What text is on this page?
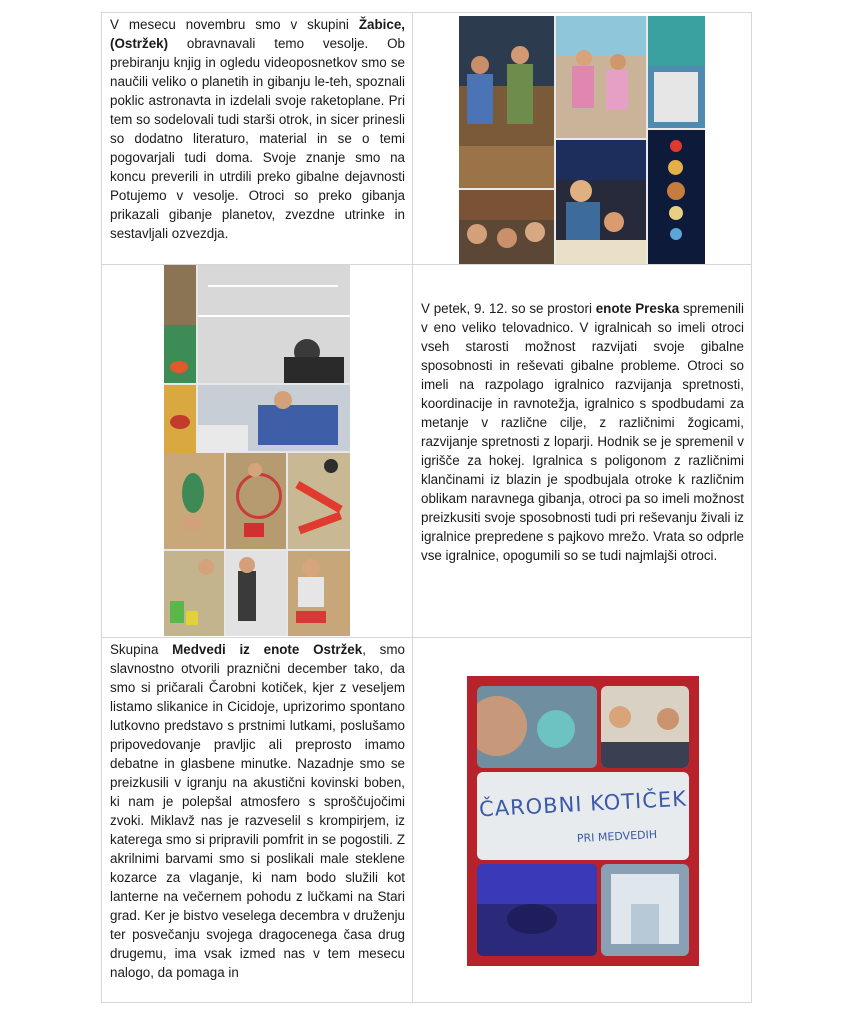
V mesecu novembru smo v skupini Žabice, (Ostržek) obravnavali temo vesolje. Ob prebiranju knjig in ogledu videoposnetkov smo se naučili veliko o planetih in gibanju le-teh, spoznali poklic astronavta in izdelali svoje raketoplane. Pri tem so sodelovali tudi starši otrok, in sicer prinesli so dodatno literaturo, material in se o temi pogovarjali tudi doma. Svoje znanje smo na koncu preverili in utrdili preko gibalne dejavnosti Potujemo v vesolje. Otroci so preko gibanja prikazali gibanje planetov, zvezdne utrinke in sestavljali ozvezdja.	

	V petek, 9. 12. so se prostori enote Preska spremenili v eno veliko telovadnico. V igralnicah so imeli otroci vseh starosti možnost razvijati svoje gibalne sposobnosti in reševati gibalne probleme. Otroci so imeli na razpolago igralnico razvijanja spretnosti, koordinacije in ravnotežja, igralnico s spodbudami za metanje v različne cilje, z različnimi žogicami, razvijanje spretnosti z loparji. Hodnik se je spremenil v igrišče za hokej. Igralnica s poligonom z različnimi klančinami iz blazin je spodbujala otroke k različnim oblikam naravnega gibanja, otroci pa so imeli možnost preizkusiti svoje sposobnosti tudi pri reševanju živali iz igralnice prepredene s pajkovo mrežo. Vrata so odprle vse igralnice, opogumili so se tudi najmlajši otroci.

Skupina Medvedi iz enote Ostržek, smo slavnostno otvorili praznični december tako, da smo si pričarali Čarobni kotiček, kjer z veseljem listamo slikanice in Cicidoje, uprizorimo spontano lutkovno predstavo s prstnimi lutkami, poslušamo pripovedovanje pravljic ali preprosto imamo debatne in glasbene minutke. Nazadnje smo se preizkusili v igranju na akustični kovinski boben, ki nam je polepšal atmosfero s sproščujočimi zvoki. Miklavž nas je razveselil s krompirjem, iz katerega smo si pripravili pomfrit in se pogostili. Z akrilnimi barvami smo si poslikali male steklene kozarce za vlaganje, ki nam bodo služili kot lanterne na večernem pohodu z lučkami na Stari grad. Ker je bistvo veselega decembra v druženju ter posvečanju svojega dragocenega časa drug drugemu, ima vsak izmed nas v tem mesecu nalogo, da pomaga in	ČAROBNI KOTIČEK
PRI MEDVEDIH
